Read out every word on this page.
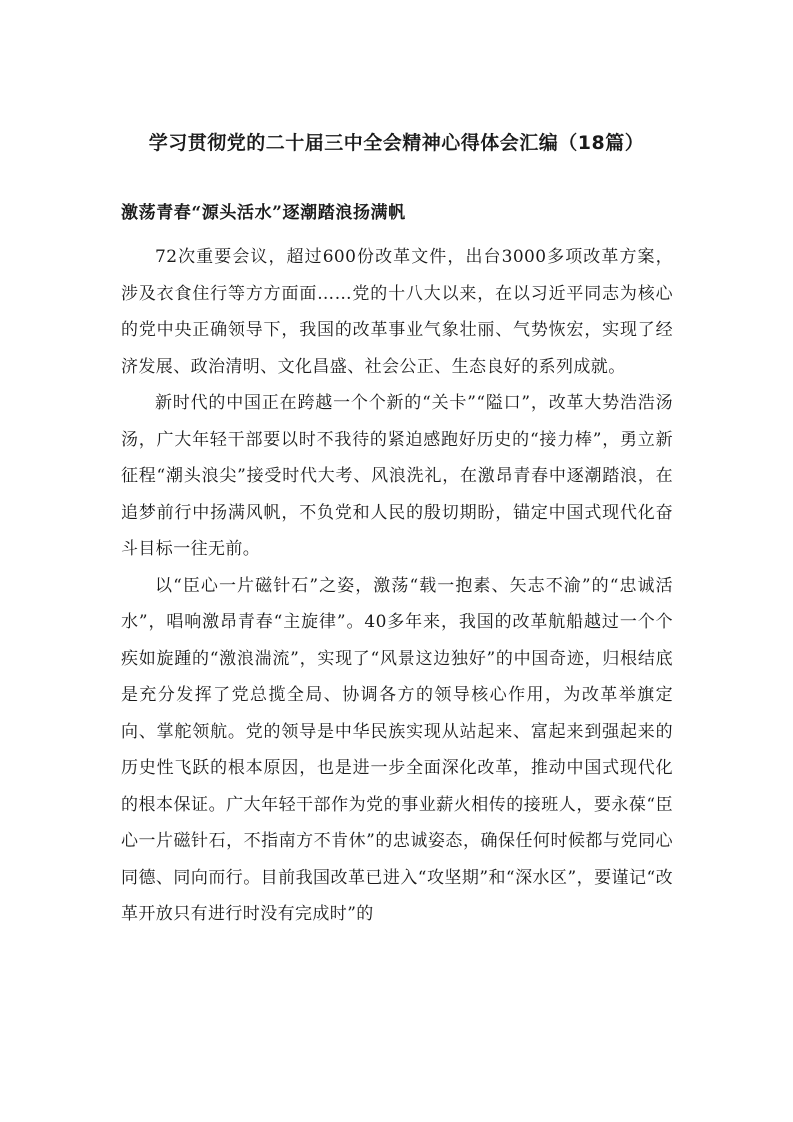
学习贯彻党的二十届三中全会精神心得体会汇编（18篇）
激荡青春“源头活水”逐潮踏浪扬满帆

72次重要会议，超过600份改革文件，出台3000多项改革方案，涉及衣食住行等方方面面……党的十八大以来，在以习近平同志为核心的党中央正确领导下，我国的改革事业气象壮丽、气势恢宏，实现了经济发展、政治清明、文化昌盛、社会公正、生态良好的系列成就。

新时代的中国正在跨越一个个新的“关卡”“隘口”，改革大势浩浩汤汤，广大年轻干部要以时不我待的紧迫感跑好历史的“接力棒”，勇立新征程“潮头浪尖”接受时代大考、风浪洗礼，在激昂青春中逐潮踏浪，在追梦前行中扬满风帆，不负党和人民的殷切期盼，锚定中国式现代化奋斗目标一往无前。

以“臣心一片磁针石”之姿，激荡“载一抱素、矢志不渝”的“忠诚活水”，唱响激昂青春“主旋律”。40多年来，我国的改革航船越过一个个疾如旋踵的“激浪湍流”，实现了“风景这边独好”的中国奇迹，归根结底是充分发挥了党总揽全局、协调各方的领导核心作用，为改革举旗定向、掌舵领航。党的领导是中华民族实现从站起来、富起来到强起来的历史性飞跃的根本原因，也是进一步全面深化改革，推动中国式现代化的根本保证。广大年轻干部作为党的事业薪火相传的接班人，要永葆“臣心一片磁针石，不指南方不肯休”的忠诚姿态，确保任何时候都与党同心同德、同向而行。目前我国改革已进入“攻坚期”和“深水区”，要谨记“改革开放只有进行时没有完成时”的
